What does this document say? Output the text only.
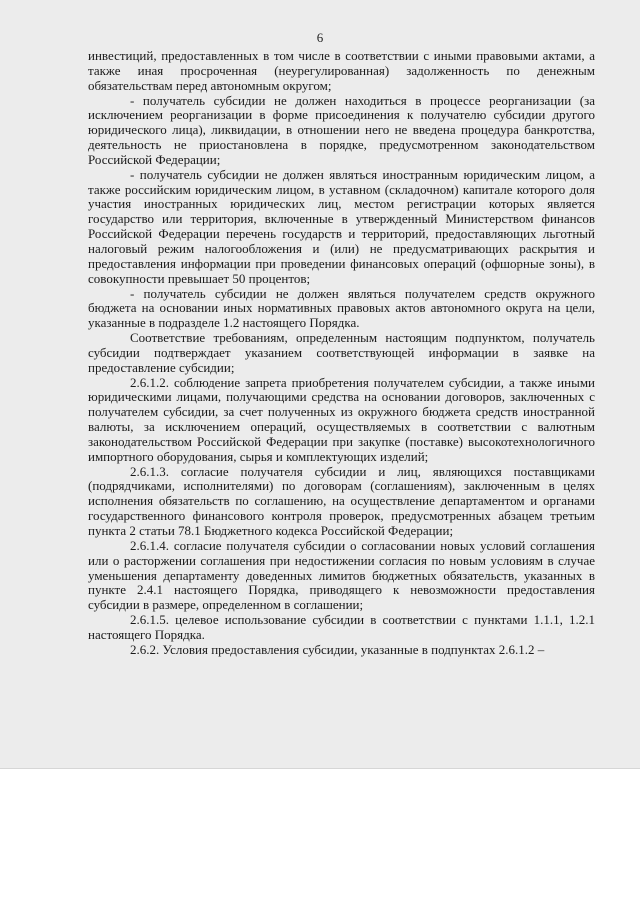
6

инвестиций, предоставленных в том числе в соответствии с иными правовыми актами, а также иная просроченная (неурегулированная) задолженность по денежным обязательствам перед автономным округом;

- получатель субсидии не должен находиться в процессе реорганизации (за исключением реорганизации в форме присоединения к получателю субсидии другого юридического лица), ликвидации, в отношении него не введена процедура банкротства, деятельность не приостановлена в порядке, предусмотренном законодательством Российской Федерации;

- получатель субсидии не должен являться иностранным юридическим лицом, а также российским юридическим лицом, в уставном (складочном) капитале которого доля участия иностранных юридических лиц, местом регистрации которых является государство или территория, включенные в утвержденный Министерством финансов Российской Федерации перечень государств и территорий, предоставляющих льготный налоговый режим налогообложения и (или) не предусматривающих раскрытия и предоставления информации при проведении финансовых операций (офшорные зоны), в совокупности превышает 50 процентов;

- получатель субсидии не должен являться получателем средств окружного бюджета на основании иных нормативных правовых актов автономного округа на цели, указанные в подразделе 1.2 настоящего Порядка.

Соответствие требованиям, определенным настоящим подпунктом, получатель субсидии подтверждает указанием соответствующей информации в заявке на предоставление субсидии;

2.6.1.2. соблюдение запрета приобретения получателем субсидии, а также иными юридическими лицами, получающими средства на основании договоров, заключенных с получателем субсидии, за счет полученных из окружного бюджета средств иностранной валюты, за исключением операций, осуществляемых в соответствии с валютным законодательством Российской Федерации при закупке (поставке) высокотехнологичного импортного оборудования, сырья и комплектующих изделий;

2.6.1.3. согласие получателя субсидии и лиц, являющихся поставщиками (подрядчиками, исполнителями) по договорам (соглашениям), заключенным в целях исполнения обязательств по соглашению, на осуществление департаментом и органами государственного финансового контроля проверок, предусмотренных абзацем третьим пункта 2 статьи 78.1 Бюджетного кодекса Российской Федерации;

2.6.1.4. согласие получателя субсидии о согласовании новых условий соглашения или о расторжении соглашения при недостижении согласия по новым условиям в случае уменьшения департаменту доведенных лимитов бюджетных обязательств, указанных в пункте 2.4.1 настоящего Порядка, приводящего к невозможности предоставления субсидии в размере, определенном в соглашении;

2.6.1.5. целевое использование субсидии в соответствии с пунктами 1.1.1, 1.2.1 настоящего Порядка.

2.6.2. Условия предоставления субсидии, указанные в подпунктах 2.6.1.2 –
